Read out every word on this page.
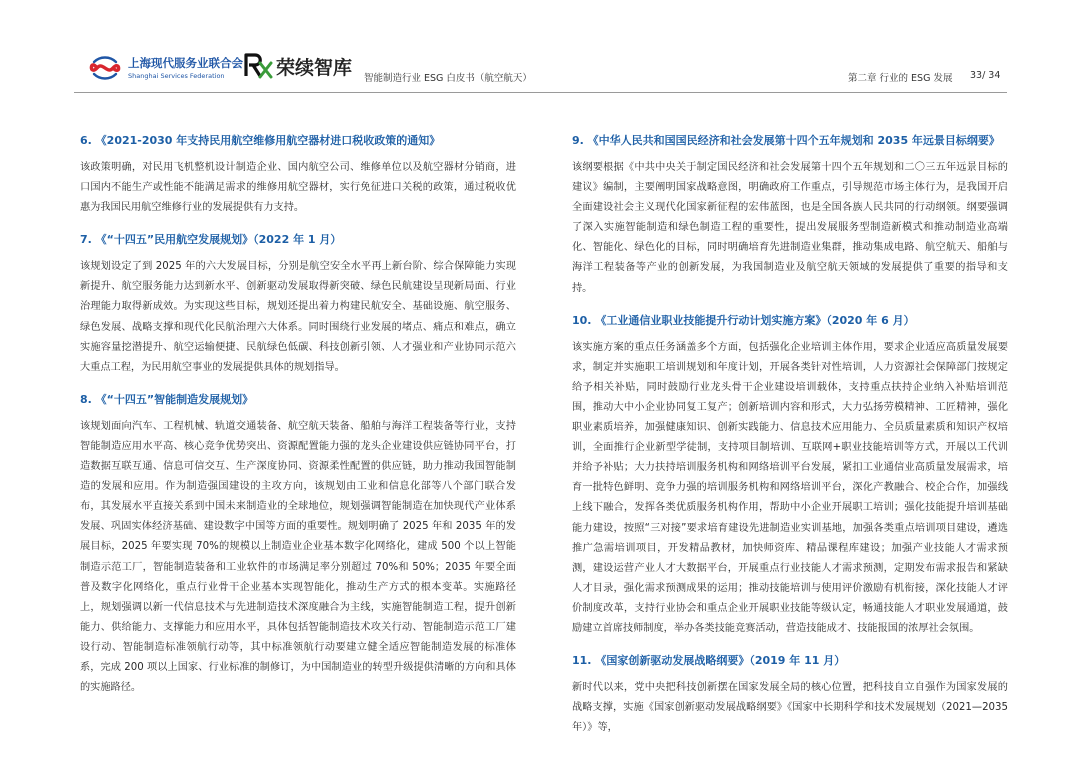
上海现代服务业联合会
Shanghai Services Federation	荣续智库 智能制造行业 ESG 白皮书（航空航天）	第二章 行业的 ESG 发展 33/ 34
6. 《2021-2030 年支持民用航空维修用航空器材进口税收政策的通知》

该政策明确，对民用飞机整机设计制造企业、国内航空公司、维修单位以及航空器材分销商，进口国内不能生产或性能不能满足需求的维修用航空器材，实行免征进口关税的政策，通过税收优惠为我国民用航空维修行业的发展提供有力支持。

7. 《“十四五”民用航空发展规划》（2022 年 1 月）

该规划设定了到 2025 年的六大发展目标，分别是航空安全水平再上新台阶、综合保障能力实现新提升、航空服务能力达到新水平、创新驱动发展取得新突破、绿色民航建设呈现新局面、行业治理能力取得新成效。为实现这些目标，规划还提出着力构建民航安全、基础设施、航空服务、绿色发展、战略支撑和现代化民航治理六大体系。同时围绕行业发展的堵点、痛点和难点，确立实施容量挖潜提升、航空运输便捷、民航绿色低碳、科技创新引领、人才强业和产业协同示范六大重点工程，为民用航空事业的发展提供具体的规划指导。

8. 《“十四五”智能制造发展规划》

该规划面向汽车、工程机械、轨道交通装备、航空航天装备、船舶与海洋工程装备等行业，支持智能制造应用水平高、核心竞争优势突出、资源配置能力强的龙头企业建设供应链协同平台，打造数据互联互通、信息可信交互、生产深度协同、资源柔性配置的供应链，助力推动我国智能制造的发展和应用。作为制造强国建设的主攻方向，该规划由工业和信息化部等八个部门联合发布，其发展水平直接关系到中国未来制造业的全球地位，规划强调智能制造在加快现代产业体系发展、巩固实体经济基础、建设数字中国等方面的重要性。规划明确了 2025 年和 2035 年的发展目标，2025 年要实现 70%的规模以上制造业企业基本数字化网络化，建成 500 个以上智能制造示范工厂，智能制造装备和工业软件的市场满足率分别超过 70%和 50%；2035 年要全面普及数字化网络化，重点行业骨干企业基本实现智能化，推动生产方式的根本变革。实施路径上，规划强调以新一代信息技术与先进制造技术深度融合为主线，实施智能制造工程，提升创新能力、供给能力、支撑能力和应用水平，具体包括智能制造技术攻关行动、智能制造示范工厂建设行动、智能制造标准领航行动等，其中标准领航行动要建立健全适应智能制造发展的标准体系，完成 200 项以上国家、行业标准的制修订，为中国制造业的转型升级提供清晰的方向和具体的实施路径。

9. 《中华人民共和国国民经济和社会发展第十四个五年规划和 2035 年远景目标纲要》

该纲要根据《中共中央关于制定国民经济和社会发展第十四个五年规划和二〇三五年远景目标的建议》编制，主要阐明国家战略意图，明确政府工作重点，引导规范市场主体行为，是我国开启全面建设社会主义现代化国家新征程的宏伟蓝图，也是全国各族人民共同的行动纲领。纲要强调了深入实施智能制造和绿色制造工程的重要性，提出发展服务型制造新模式和推动制造业高端化、智能化、绿色化的目标，同时明确培育先进制造业集群，推动集成电路、航空航天、船舶与海洋工程装备等产业的创新发展，为我国制造业及航空航天领域的发展提供了重要的指导和支持。

10. 《工业通信业职业技能提升行动计划实施方案》（2020 年 6 月）

该实施方案的重点任务涵盖多个方面，包括强化企业培训主体作用，要求企业适应高质量发展要求，制定并实施职工培训规划和年度计划，开展各类针对性培训，人力资源社会保障部门按规定给予相关补贴，同时鼓励行业龙头骨干企业建设培训载体，支持重点扶持企业纳入补贴培训范围，推动大中小企业协同复工复产；创新培训内容和形式，大力弘扬劳模精神、工匠精神，强化职业素质培养，加强健康知识、创新实践能力、信息技术应用能力、全员质量素质和知识产权培训，全面推行企业新型学徒制，支持项目制培训、互联网+职业技能培训等方式，开展以工代训并给予补贴；大力扶持培训服务机构和网络培训平台发展，紧扣工业通信业高质量发展需求，培育一批特色鲜明、竞争力强的培训服务机构和网络培训平台，深化产教融合、校企合作，加强线上线下融合，发挥各类优质服务机构作用，帮助中小企业开展职工培训；强化技能提升培训基础能力建设，按照“三对接”要求培育建设先进制造业实训基地，加强各类重点培训项目建设，遴选推广急需培训项目，开发精品教材，加快师资库、精品课程库建设；加强产业技能人才需求预测，建设运营产业人才大数据平台，开展重点行业技能人才需求预测，定期发布需求报告和紧缺人才目录，强化需求预测成果的运用；推动技能培训与使用评价激励有机衔接，深化技能人才评价制度改革，支持行业协会和重点企业开展职业技能等级认定，畅通技能人才职业发展通道，鼓励建立首席技师制度，举办各类技能竞赛活动，营造技能成才、技能报国的浓厚社会氛围。

11. 《国家创新驱动发展战略纲要》（2019 年 11 月）

新时代以来，党中央把科技创新摆在国家发展全局的核心位置，把科技自立自强作为国家发展的战略支撑，实施《国家创新驱动发展战略纲要》《国家中长期科学和技术发展规划（2021—2035 年）》等，
